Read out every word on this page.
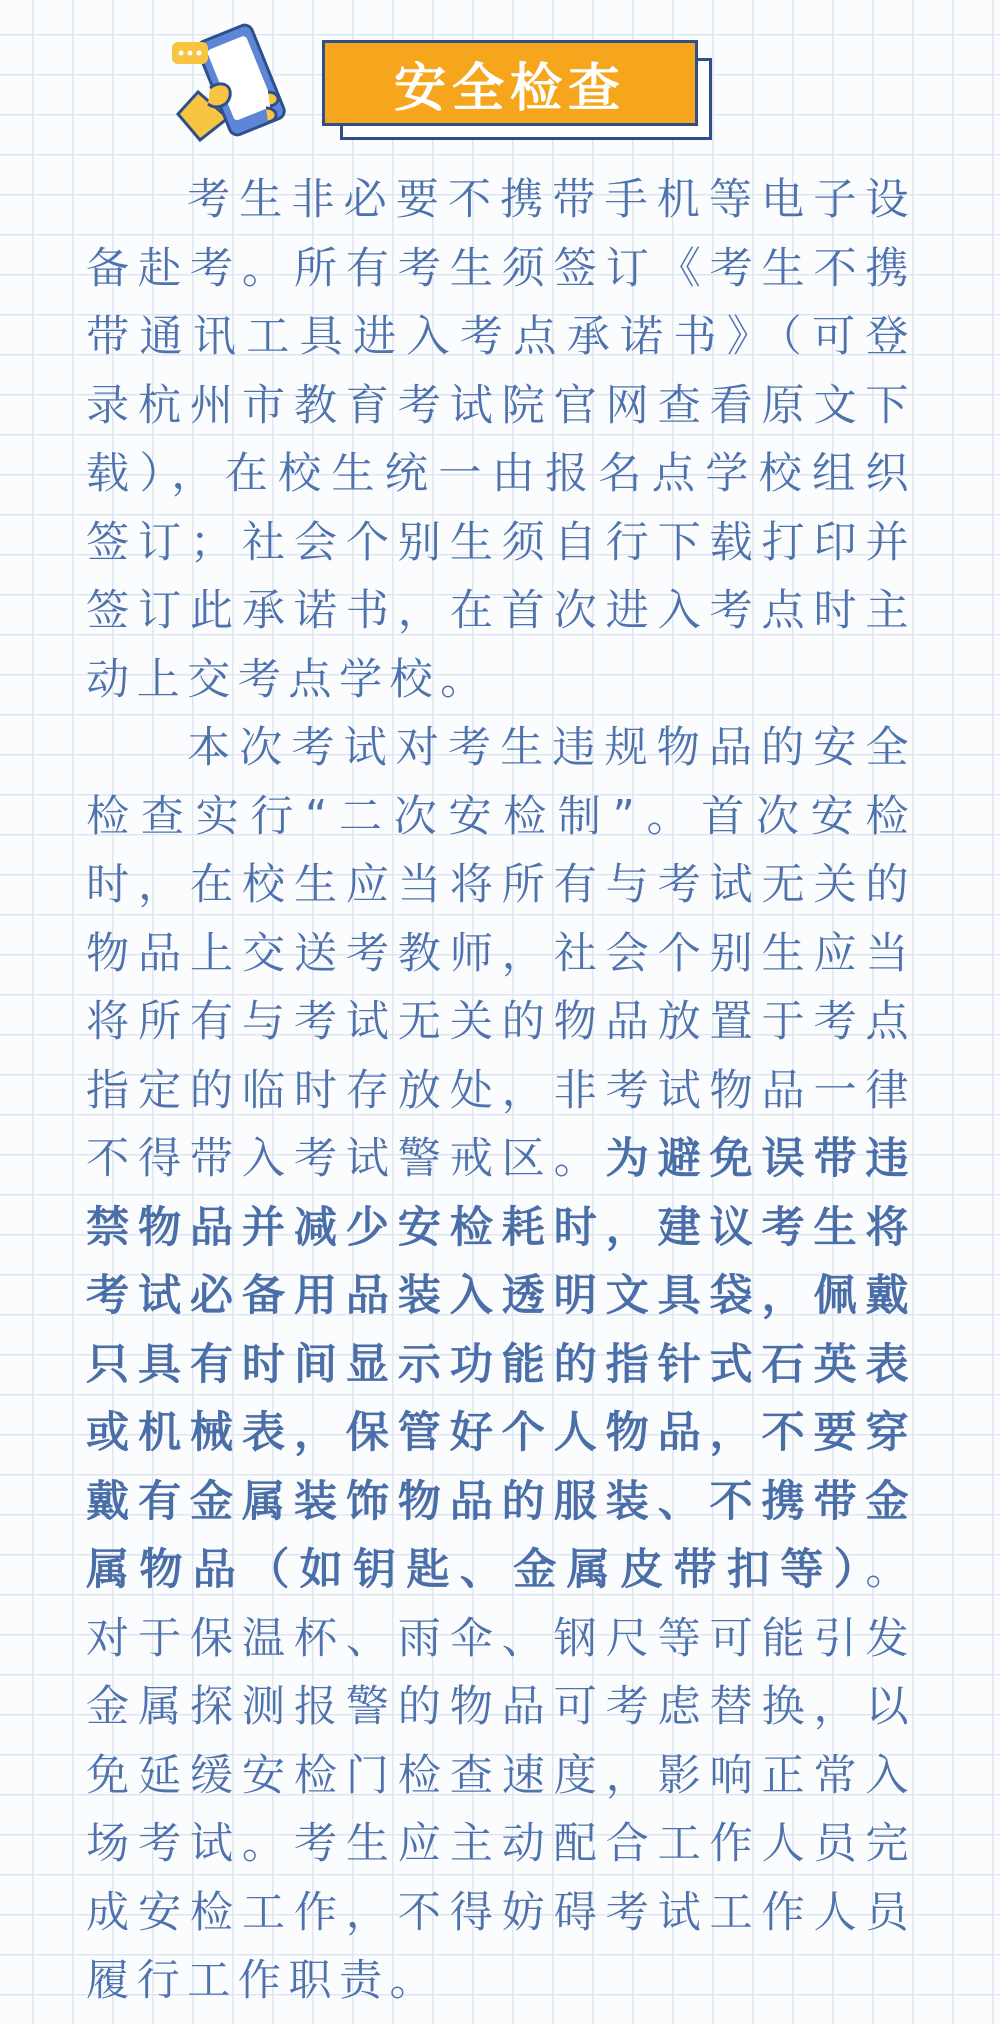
安全检查

考生非必要不携带手机等电子设备赴考。所有考生须签订《考生不携带通讯工具进入考点承诺书》（可登录杭州市教育考试院官网查看原文下载），在校生统一由报名点学校组织签订；社会个别生须自行下载打印并签订此承诺书，在首次进入考点时主动上交考点学校。

本次考试对考生违规物品的安全检查实行“二次安检制”。首次安检时，在校生应当将所有与考试无关的物品上交送考教师，社会个别生应当将所有与考试无关的物品放置于考点指定的临时存放处，非考试物品一律不得带入考试警戒区。为避免误带违禁物品并减少安检耗时，建议考生将考试必备用品装入透明文具袋，佩戴只具有时间显示功能的指针式石英表或机械表，保管好个人物品，不要穿戴有金属装饰物品的服装、不携带金属物品（如钥匙、金属皮带扣等）。对于保温杯、雨伞、钢尺等可能引发金属探测报警的物品可考虑替换，以免延缓安检门检查速度，影响正常入场考试。考生应主动配合工作人员完成安检工作，不得妨碍考试工作人员履行工作职责。
